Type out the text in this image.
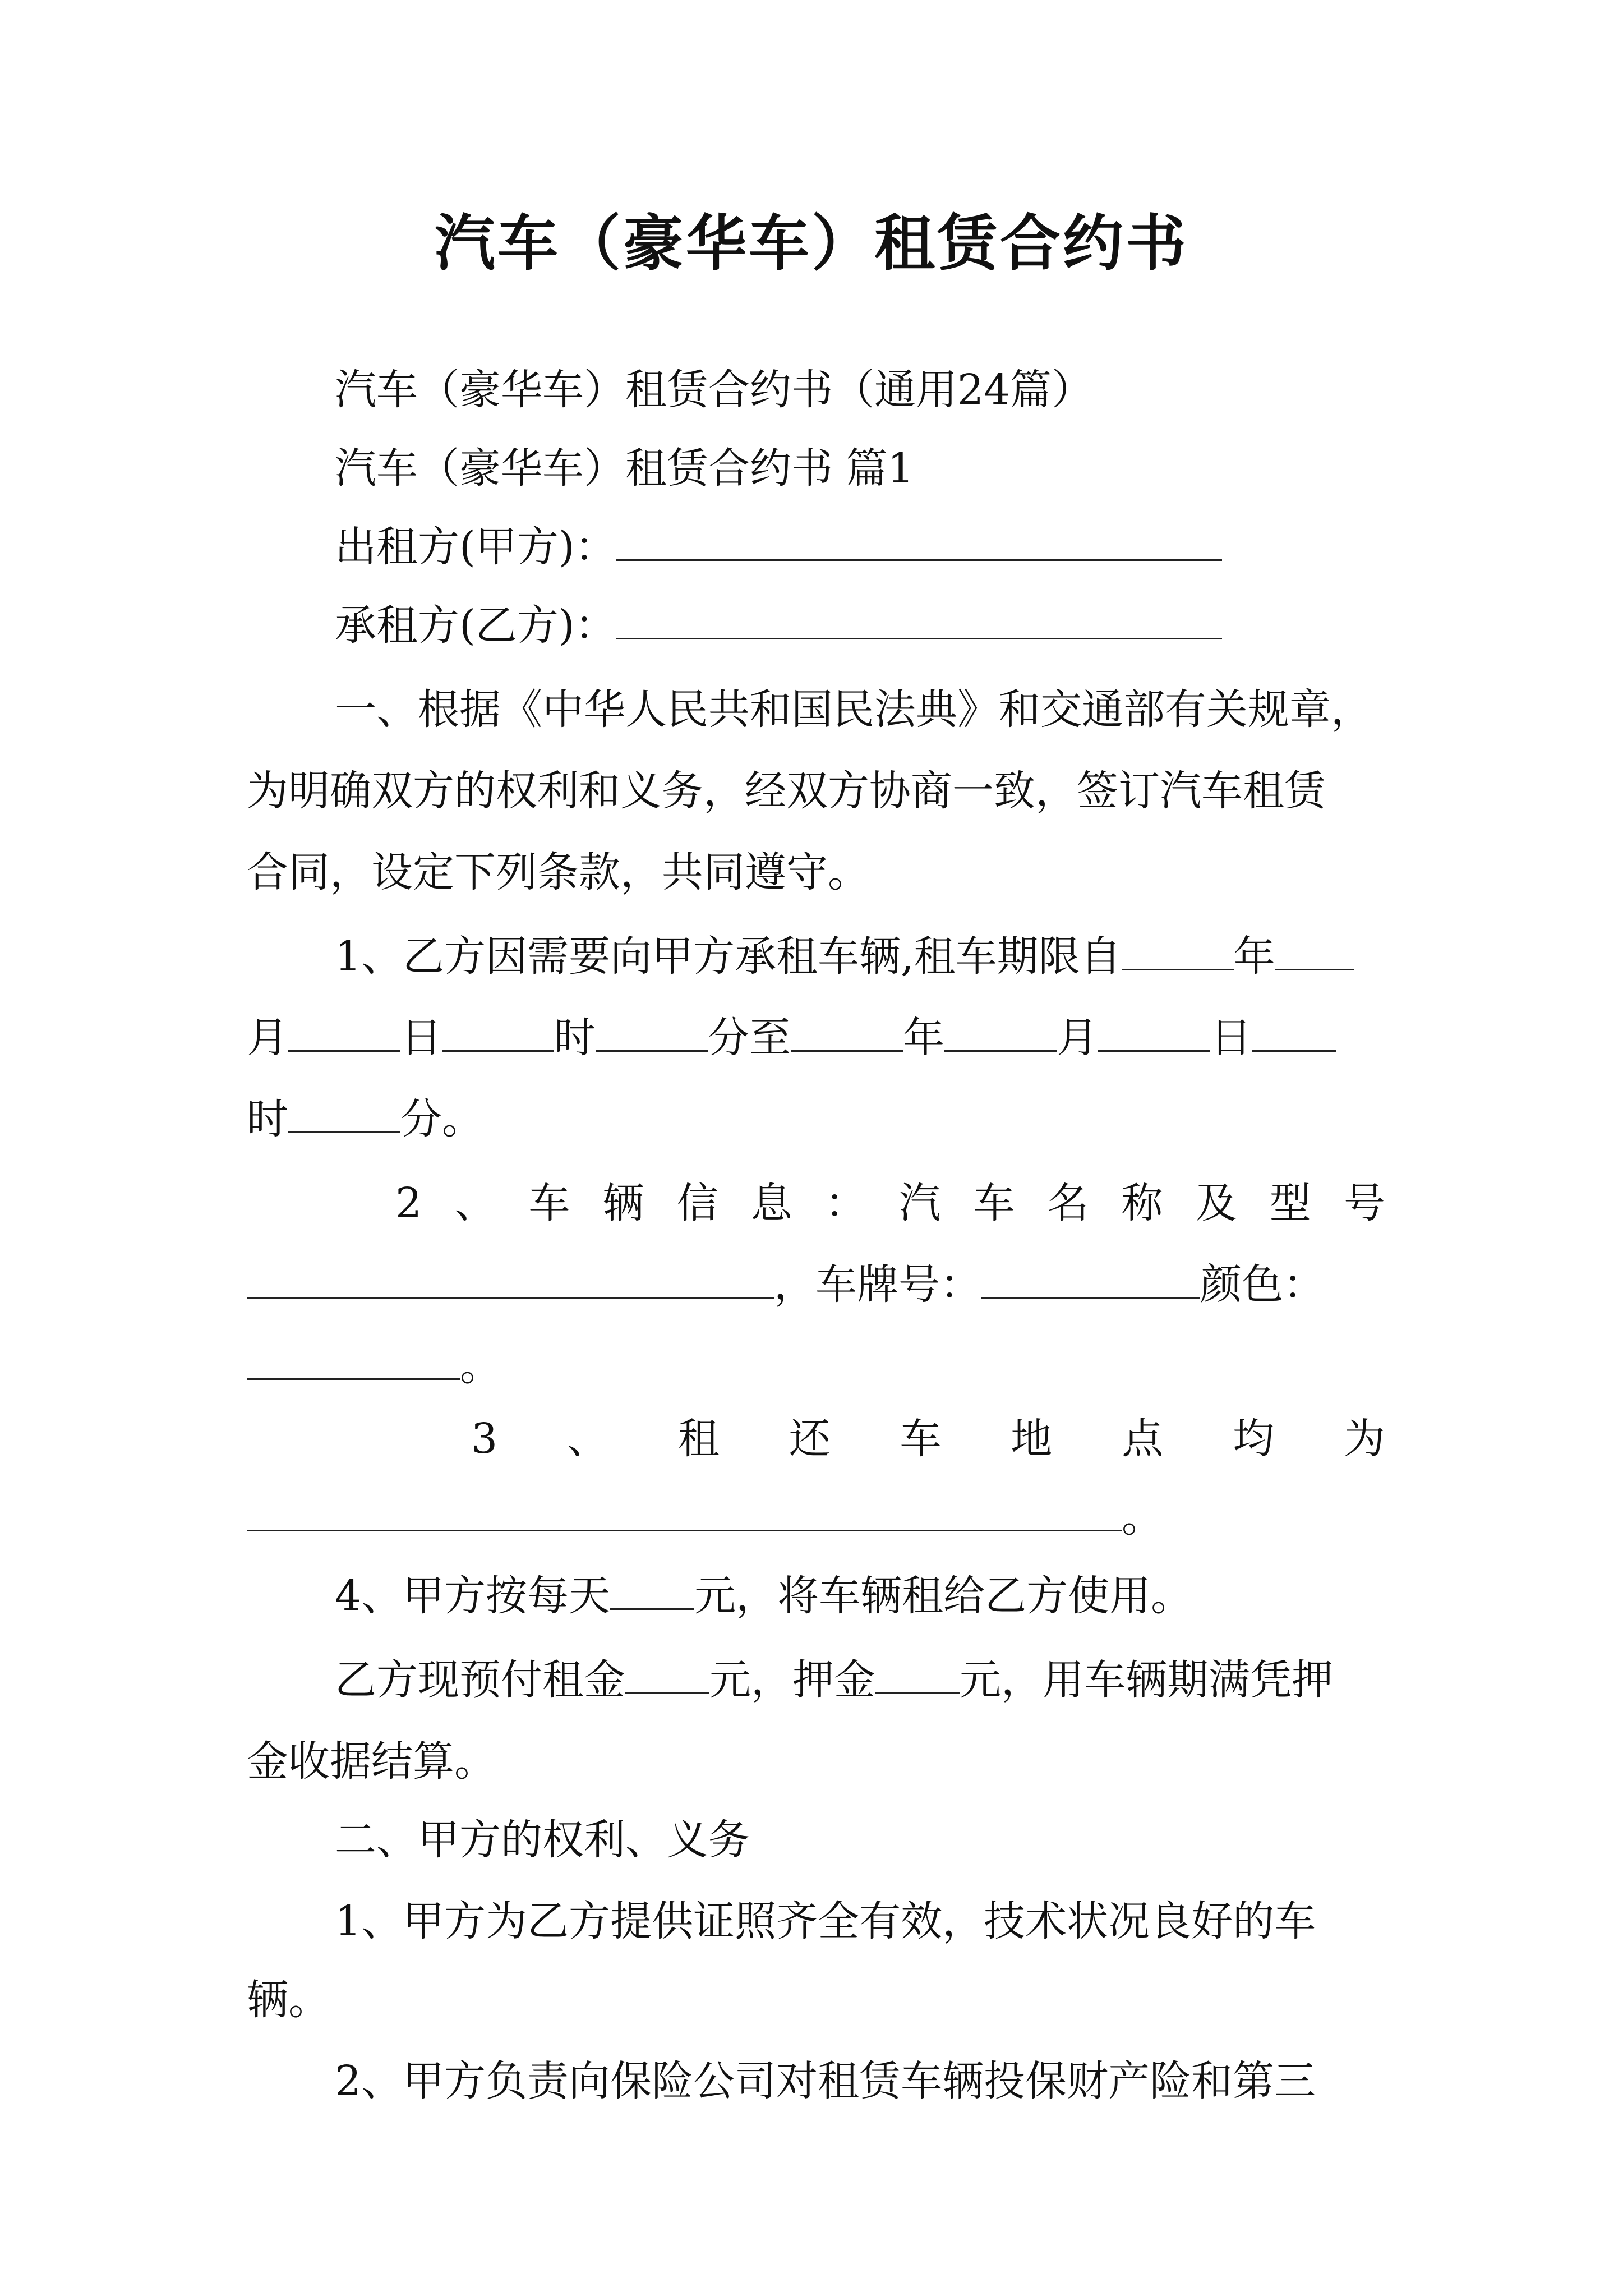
汽车（豪华车）租赁合约书
汽车（豪华车）租赁合约书（通用24篇）
汽车（豪华车）租赁合约书 篇1
出租方(甲方)：
承租方(乙方)：
一、根据《中华人民共和国民法典》和交通部有关规章，
为明确双方的权利和义务，经双方协商一致，签订汽车租赁
合同，设定下列条款，共同遵守。
1、乙方因需要向甲方承租车辆,租车期限自	年
月	日	时	分至	年	月	日
时	分。
2 、 车 辆 信 息 ： 汽 车 名 称 及 型 号
，车牌号：	颜色：
。
3 、 租 还 车 地 点 均 为
。
4、甲方按每天 元，将车辆租给乙方使用。
乙方现预付租金 元，押金 元，用车辆期满凭押
金收据结算。
二、甲方的权利、义务
1、甲方为乙方提供证照齐全有效，技术状况良好的车
辆。
2、甲方负责向保险公司对租赁车辆投保财产险和第三
